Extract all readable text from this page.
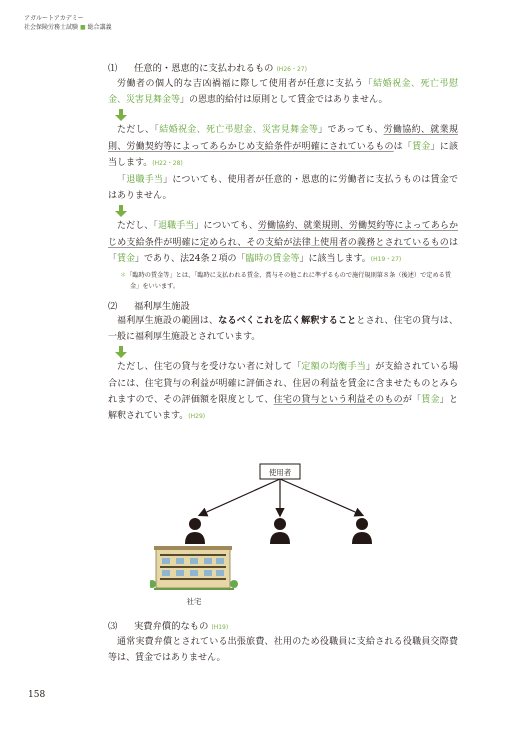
アガルートアカデミー
社会保険労務士試験 ■ 総合講義
⑴	任意的・恩恵的に支払われるもの (H26・27)

労働者の個人的な吉凶禍福に際して使用者が任意に支払う「結婚祝金、死亡弔慰金、災害見舞金等」の恩恵的給付は原則として賃金ではありません。

ただし、「結婚祝金、死亡弔慰金、災害見舞金等」であっても、労働協約、就業規則、労働契約等によってあらかじめ支給条件が明確にされているものは「賃金」に該当します。(H22・28)

「退職手当」についても、使用者が任意的・恩恵的に労働者に支払うものは賃金ではありません。

ただし、「退職手当」についても、労働協約、就業規則、労働契約等によってあらかじめ支給条件が明確に定められ、その支給が法律上使用者の義務とされているものは「賃金」であり、法24条２項の「臨時の賃金等」に該当します。(H19・27)

＊「臨時の賃金等」とは、「臨時に支払われる賃金、賞与その他これに準ずるもので施行規則第８条（後述）で定める賃金」をいいます。
⑵	福利厚生施設

福利厚生施設の範囲は、なるべくこれを広く解釈することとされ、住宅の貸与は、一般に福利厚生施設とされています。

ただし、住宅の貸与を受けない者に対して「定額の均衡手当」が支給されている場合には、住宅貸与の利益が明確に評価され、住居の利益を賃金に含ませたものとみられますので、その評価額を限度として、住宅の貸与という利益そのものが「賃金」と解釈されています。(H29)

使用者
社宅
⑶	実費弁償的なもの (H19)

通常実費弁償とされている出張旅費、社用のため役職員に支給される役職員交際費等は、賃金ではありません。

158
